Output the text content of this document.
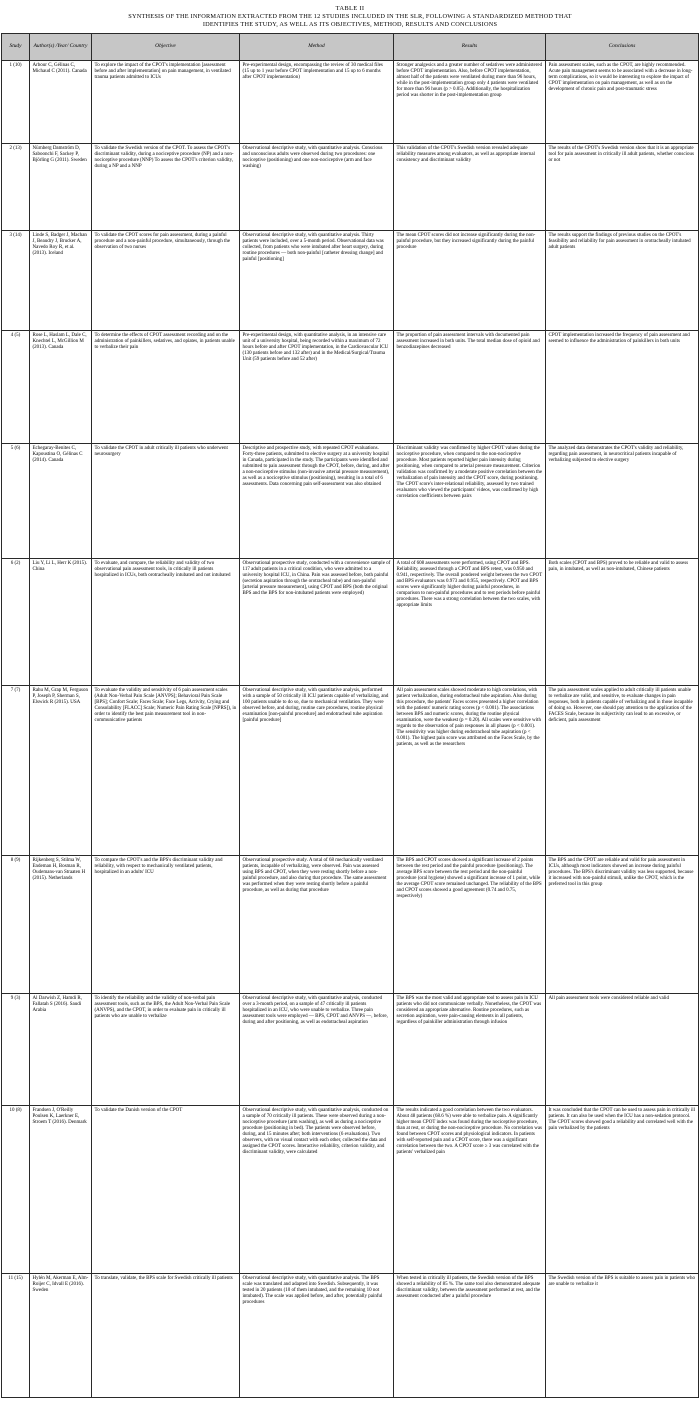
TABLE II
SYNTHESIS OF THE INFORMATION EXTRACTED FROM THE 12 STUDIES INCLUDED IN THE SLR, FOLLOWING A STANDARDIZED METHOD THAT IDENTIFIES THE STUDY, AS WELL AS ITS OBJECTIVES, METHOD, RESULTS AND CONCLUSIONS
Study	Author(s) /Year/ Country	Objective	Method	Results	Conclusions
1 (10)	Arbour C, Gélinas C, Michaud C (2011). Canada	To explore the impact of the CPOT's implementation [assessment before and after implementation] on pain management, in ventilated trauma patients admitted to ICUs	Pre-experimental design, encompassing the review of 30 medical files (15 up to 1 year before CPOT implementation and 15 up to 6 months after CPOT implementation)	Stronger analgesics and a greater number of sedatives were administered before CPOT implementation. Also, before CPOT implementation, almost half of the patients were ventilated during more than 96 hours, while in the post-implementation group only 4 patients were ventilated for more than 96 hours (p > 0.05). Additionally, the hospitalization period was shorter in the post-implementation group	Pain assessment scales, such as the CPOT, are highly recommended. Acute pain management seems to be associated with a decrease in long-term complications, so it would be interesting to explore the impact of CPOT implementation on pain management, as well as on the development of chronic pain and post-traumatic stress
2 (13)	Nürnberg Damström D, Saboonchi F, Sackey P, Björling G (2011). Sweden	To validate the Swedish version of the CPOT. To assess the CPOT's discriminant validity, during a nociceptive procedure (NP) and a non-nociceptive procedure (NNP) To assess the CPOT's criterion validity, during a NP and a NNP	Observational descriptive study, with quantitative analysis. Conscious and unconscious adults were observed during two procedures: one nociceptive (positioning) and one non-nociceptive (arm and face washing)	This validation of the CPOT's Swedish version revealed adequate reliability measures among evaluators, as well as appropriate internal consistency and discriminant validity	The results of the CPOT's Swedish version show that it is an appropriate tool for pain assessment in critically ill adult patients, whether conscious or not
3 (14)	Linde S, Badger J, Machan J, Beaudry J, Brucker A, Navedo Roy R, et al. (2013). Iceland	To validate the CPOT scores for pain assessment, during a painful procedure and a non-painful procedure, simultaneously, through the observation of two nurses	Observational descriptive study, with quantitative analysis. Thirty patients were included, over a 5-month period. Observational data was collected, from patients who were intubated after heart surgery, during routine procedures — both non-painful [catheter dressing change] and painful [positioning]	The mean CPOT scores did not increase significantly during the non-painful procedure, but they increased significantly during the painful procedure	The results support the findings of previous studies on the CPOT's feasibility and reliability for pain assessment in orotracheally intubated adult patients
4 (5)	Rose L, Haslam L, Dale C, Knechtel L, McGillion M (2013). Canada	To determine the effects of CPOT assessment recording and on the administration of painkillers, sedatives, and opiates, in patients unable to verbalize their pain	Pre-experimental design, with quantitative analysis, in an intensive care unit of a university hospital, being recorded within a maximum of 72 hours before and after CPOT implementation, in the Cardiovascular ICU (130 patients before and 132 after) and in the Medical/Surgical/Trauma Unit (59 patients before and 52 after)	The proportion of pain assessment intervals with documented pain assessment increased in both units. The total median dose of opioid and benzodiazepines decreased	CPOT implementation increased the frequency of pain assessment and seemed to influence the administration of painkillers in both units
5 (6)	Echegaray-Benites C, Kapoustina O, Gélinas C (2014). Canada	To validate the CPOT in adult critically ill patients who underwent neurosurgery	Descriptive and prospective study, with repeated CPOT evaluations. Forty-three patients, submitted to elective surgery at a university hospital in Canada, participated in the study. The participants were identified and submitted to pain assessment through the CPOT, before, during, and after a non-nociceptive stimulus (non-invasive arterial pressure measurement), as well as a nociceptive stimulus (positioning), resulting in a total of 6 assessments. Data concerning pain self-assessment was also obtained	Discriminant validity was confirmed by higher CPOT values during the nociceptive procedure, when compared to the non-nociceptive procedure. Most patients reported higher pain intensity during positioning, when compared to arterial pressure measurement. Criterion validation was confirmed by a moderate positive correlation between the verbalization of pain intensity and the CPOT score, during positioning. The CPOT score's inter-relational reliability, assessed by two trained evaluators who viewed the participants' videos, was confirmed by high correlation coefficients between pairs	The analyzed data demonstrates the CPOT's validity and reliability, regarding pain assessment, in neurocritical patients incapable of verbalizing subjected to elective surgery
6 (2)	Liu Y, Li L, Herr K (2015). China	To evaluate, and compare, the reliability and validity of two observational pain assessment tools, in critically ill patients hospitalized in ICUs, both orotracheally intubated and not intubated	Observational prospective study, conducted with a convenience sample of 117 adult patients in a critical condition, who were admitted to a university hospital ICU, in China. Pain was assessed before, both painful (secretion aspiration through the orotracheal tube) and non-painful [arterial pressure measurement], using CPOT and BPS (both the original BPS and the BPS for non-intubated patients were employed)	A total of 608 assessments were performed, using CPOT and BPS. Reliability, assessed through a CPOT and BPS retest, was 0.950 and 0.941, respectively. The overall pondered weight between the two CPOT and BPS evaluators was 0.973 and 0.955, respectively. CPOT and BPS scores were significantly higher during painful procedures, in comparison to non-painful procedures and to rest periods before painful procedures. There was a strong correlation between the two scales, with appropriate limits	Both scales (CPOT and BPS) proved to be reliable and valid to assess pain, in intubated, as well as non-intubated, Chinese patients
7 (7)	Rahu M, Grap M, Ferguson P, Joseph P, Sherman S, Elswick R (2015). USA	To evaluate the validity and sensitivity of 6 pain assessment scales (Adult Non-Verbal Pain Scale [ANVPS]; Behavioral Pain Scale [BPS]; Confort Scale; Faces Scale; Face Legs, Activity, Crying and Consolability [FLACC] Scale; Numeric Pain Rating Scale [NPRS]), in order to identify the best pain measurement tool in non-communicative patients	Observational descriptive study, with quantitative analysis, performed with a sample of 50 critically ill ICU patients capable of verbalizing, and 100 patients unable to do so, due to mechanical ventilation. They were observed before, and during, routine care procedures, routine physical examination [non-painful procedure] and endotracheal tube aspiration [painful procedure]	All pain assessment scales showed moderate to high correlations, with patient verbalization, during endotracheal tube aspiration. Also during this procedure, the patients' Faces scores presented a higher correlation with the patients' numeric rating scores (p < 0.001). The associations between BPS and numeric scores, during the routine physical examination, were the weakest (p = 0.20). All scales were sensitive with regards to the observation of pain responses in all phases (p < 0.001). The sensitivity was higher during endotracheal tube aspiration (p < 0.001). The highest pain score was attributed on the Faces Scale, by the patients, as well as the researchers	The pain assessment scales applied to adult critically ill patients unable to verbalize are valid, and sensitive, to evaluate changes in pain responses, both in patients capable of verbalizing and in those incapable of doing so. However, one should pay attention to the application of the FACES Scale, because its subjectivity can lead to an excessive, or deficient, pain assessment
8 (9)	Rijkenberg S, Stilma W, Endeman H, Bosman R, Oudemans-van Straaten H (2015). Netherlands	To compare the CPOT's and the BPS's discriminant validity and reliability, with respect to mechanically ventilated patients, hospitalized in an adults' ICU	Observational prospective study. A total of 68 mechanically ventilated patients, incapable of verbalizing, were observed. Pain was assessed using BPS and CPOT, when they were resting shortly before a non-painful procedure, and also during that procedure. The same assessment was performed when they were resting shortly before a painful procedure, as well as during that procedure	The BPS and CPOT scores showed a significant increase of 2 points between the rest period and the painful procedure (positioning). The average BPS score between the rest period and the non-painful procedure (oral hygiene) showed a significant increase of 1 point, while the average CPOT score remained unchanged. The reliability of the BPS and CPOT scores showed a good agreement (0.74 and 0.75, respectively)	The BPS and the CPOT are reliable and valid for pain assessment in ICUs, although most indicators showed an increase during painful procedures. The BPS's discriminant validity was less supported, because it increased with non-painful stimuli, unlike the CPOT, which is the preferred tool in this group
9 (3)	Al Darwish Z, Hamdi R, Fallatah S (2016). Saudi Arabia	To identify the reliability and the validity of non-verbal pain assessment tools, such as the BPS, the Adult Non-Verbal Pain Scale (ANVPS), and the CPOT, in order to evaluate pain in critically ill patients who are unable to verbalize	Observational descriptive study, with quantitative analysis, conducted over a 3-month period, on a sample of 47 critically ill patients hospitalized in an ICU, who were unable to verbalize. Three pain assessment tools were employed — BPS, CPOT and ANVPS —, before, during and after positioning, as well as endotracheal aspiration	The BPS was the most valid and appropriate tool to assess pain in ICU patients who did not communicate verbally. Nonetheless, the CPOT was considered an appropriate alternative. Routine procedures, such as secretion aspiration, were pain-causing elements in all patients, regardless of painkiller administration through infusion	All pain assessment tools were considered reliable and valid
10 (8)	Frandsen J, O'Reilly Poulsen K, Laerkner E, Stroem T (2016). Denmark	To validate the Danish version of the CPOT	Observational descriptive study, with quantitative analysis, conducted on a sample of 70 critically ill patients. These were observed during a non-nociceptive procedure (arm washing), as well as during a nociceptive procedure (positioning in bed). The patients were observed before, during, and 15 minutes after; both interventions (6 evaluations). Two observers, with no visual contact with each other, collected the data and assigned the CPOT scores. Interactive reliability, criterion validity, and discriminant validity, were calculated	The results indicated a good correlation between the two evaluators. About 48 patients (68.6 %) were able to verbalize pain. A significantly higher mean CPOT index was found during the nociceptive procedure, than at rest, or during the non-nociceptive procedure. No correlation was found between CPOT scores and physiological indicators. In patients with self-reported pain and a CPOT score, there was a significant correlation between the two. A CPOT score ≥ 3 was correlated with the patients' verbalized pain	It was concluded that the CPOT can be used to assess pain in critically ill patients. It can also be used when the ICU has a non-sedation protocol. The CPOT scores showed good a reliability and correlated well with the pain verbalized by the patients
11 (15)	Hylén M, Akerman E, Alm-Roijer C, Idvall E (2016). Sweden	To translate, validate, the BPS scale for Swedish critically ill patients	Observational descriptive study, with quantitative analysis. The BPS scale was translated and adapted into Swedish. Subsequently, it was tested in 20 patients (10 of them intubated, and the remaining 10 not intubated). The scale was applied before, and after, potentially painful procedures	When tested in critically ill patients, the Swedish version of the BPS showed a reliability of 85 %. The same tool also demonstrated adequate discriminant validity, between the assessment performed at rest, and the assessment conducted after a painful procedure	The Swedish version of the BPS is suitable to assess pain in patients who are unable to verbalize it
